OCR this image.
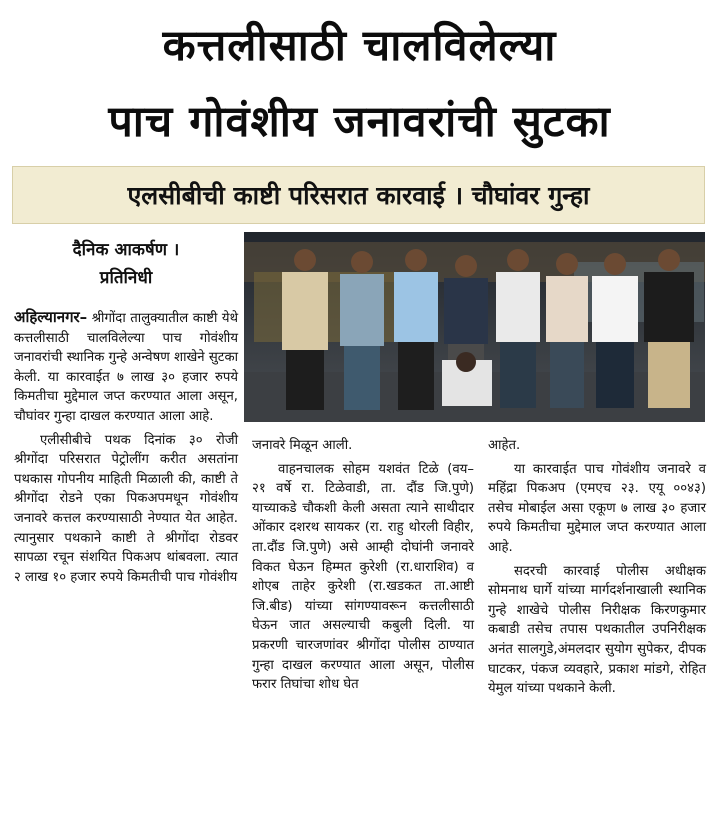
कत्तलीसाठी चालविलेल्या
पाच गोवंशीय जनावरांची सुटका
एलसीबीची काष्टी परिसरात कारवाई । चौघांवर गुन्हा
दैनिक आकर्षण ।
प्रतिनिधी

अहिल्यानगर– श्रीगोंदा तालुक्यातील काष्टी येथे कत्तलीसाठी चालविलेल्या पाच गोवंशीय जनावरांची स्थानिक गुन्हे अन्वेषण शाखेने सुटका केली. या कारवाईत ७ लाख ३० हजार रुपये किमतीचा मुद्देमाल जप्त करण्यात आला असून, चौघांवर गुन्हा दाखल करण्यात आला आहे.

एलीसीबीचे पथक दिनांक ३० रोजी श्रीगोंदा परिसरात पेट्रोलींग करीत असतांना पथकास गोपनीय माहिती मिळाली की, काष्टी ते श्रीगोंदा रोडने एका पिकअपमधून गोवंशीय जनावरे कत्तल करण्यासाठी नेण्यात येत आहेत. त्यानुसार पथकाने काष्टी ते श्रीगोंदा रोडवर सापळा रचून संशयित पिकअप थांबवला. त्यात २ लाख १० हजार रुपये किमतीची पाच गोवंशीय

जनावरे मिळून आली.

वाहनचालक सोहम यशवंत टिळे (वय– २१ वर्षे रा. टिळेवाडी, ता. दौंड जि.पुणे) याच्याकडे चौकशी केली असता त्याने साथीदार ओंकार दशरथ सायकर (रा. राहु थोरली विहीर, ता.दौंड जि.पुणे) असे आम्ही दोघांनी जनावरे विकत घेऊन हिम्मत कुरेशी (रा.धाराशिव) व शोएब ताहेर कुरेशी (रा.खडकत ता.आष्टी जि.बीड) यांच्या सांगण्यावरून कत्तलीसाठी घेऊन जात असल्याची कबुली दिली. या प्रकरणी चारजणांवर श्रीगोंदा पोलीस ठाण्यात गुन्हा दाखल करण्यात आला असून, पोलीस फरार तिघांचा शोध घेत

आहेत.

या कारवाईत पाच गोवंशीय जनावरे व महिंद्रा पिकअप (एमएच २३. एयू ००४३) तसेच मोबाईल असा एकूण ७ लाख ३० हजार रुपये किमतीचा मुद्देमाल जप्त करण्यात आला आहे.

सदरची कारवाई पोलीस अधीक्षक सोमनाथ घार्गे यांच्या मार्गदर्शनाखाली स्थानिक गुन्हे शाखेचे पोलीस निरीक्षक किरणकुमार कबाडी तसेच तपास पथकातील उपनिरीक्षक अनंत सालगुडे,अंमलदार सुयोग सुपेकर, दीपक घाटकर, पंकज व्यवहारे, प्रकाश मांडगे, रोहित येमुल यांच्या पथकाने केली.
